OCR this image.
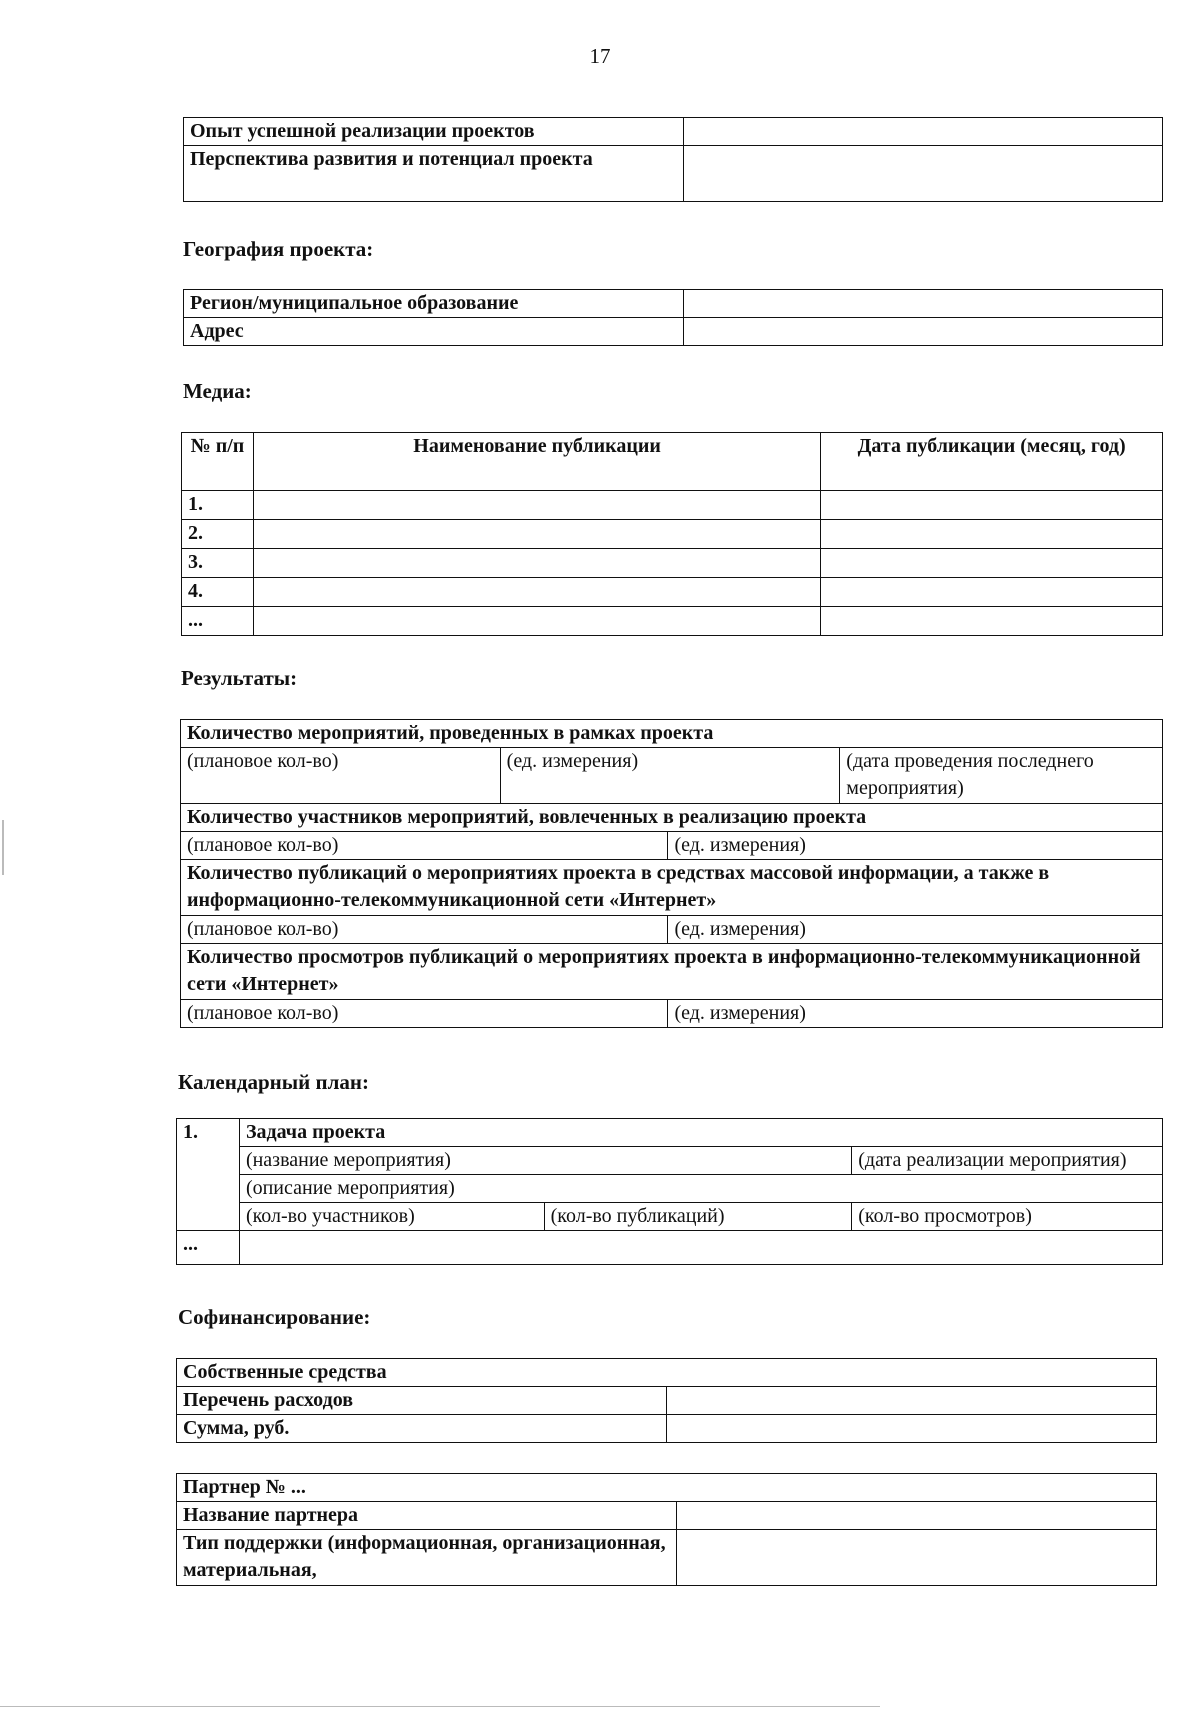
17
Опыт успешной реализации проектов	
Перспектива развития и потенциал проекта	
География проекта:
Регион/муниципальное образование	
Адрес	
Медиа:
№ п/п	Наименование публикации	Дата публикации (месяц, год)
1.		
2.		
3.		
4.		
...		
Результаты:
Количество мероприятий, проведенных в рамках проекта			
(плановое кол-во)	(ед. измерения)		(дата проведения последнего мероприятия)
Количество участников мероприятий, вовлеченных в реализацию проекта			
(плановое кол-во)		(ед. измерения)	
Количество публикаций о мероприятиях проекта в средствах массовой информации, а также в информационно-телекоммуникационной сети «Интернет»			
(плановое кол-во)		(ед. измерения)	
Количество просмотров публикаций о мероприятиях проекта в информационно-телекоммуникационной сети «Интернет»			
(плановое кол-во)		(ед. измерения)	
Календарный план:
1.	Задача проекта		
	(название мероприятия)		(дата реализации мероприятия)
	(описание мероприятия)		
	(кол-во участников)	(кол-во публикаций)	(кол-во просмотров)
...			
Софинансирование:
Собственные средства	
Перечень расходов	
Сумма, руб.	
Партнер № ...	
Название партнера	
Тип поддержки (информационная, организационная, материальная,	
